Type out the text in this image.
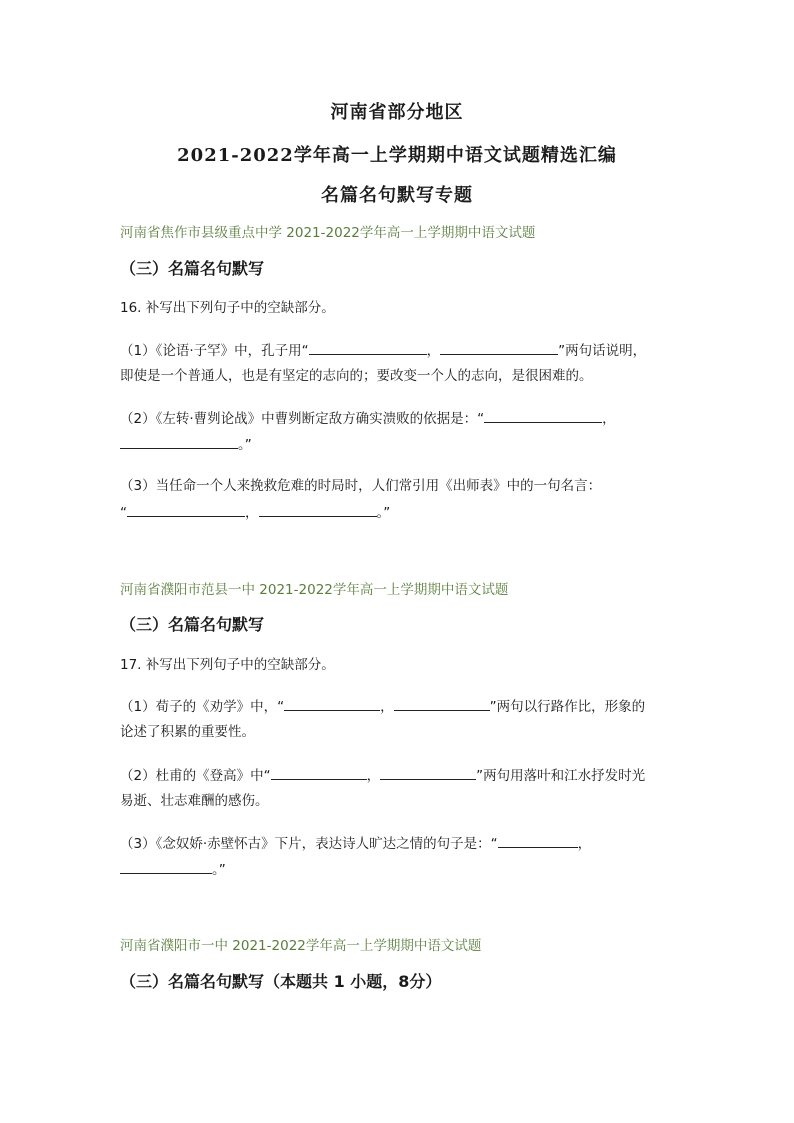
河南省部分地区
2021-2022学年高一上学期期中语文试题精选汇编
名篇名句默写专题
河南省焦作市县级重点中学 2021-2022学年高一上学期期中语文试题
（三）名篇名句默写
16. 补写出下列句子中的空缺部分。
（1）《论语·子罕》中，孔子用“	，	”两句话说明，
即使是一个普通人，也是有坚定的志向的；要改变一个人的志向，是很困难的。
（2）《左转·曹刿论战》中曹刿断定敌方确实溃败的依据是：“	，
。”
（3）当任命一个人来挽救危难的时局时，人们常引用《出师表》中的一句名言：
“	，	。”
河南省濮阳市范县一中 2021-2022学年高一上学期期中语文试题
（三）名篇名句默写
17. 补写出下列句子中的空缺部分。
（1）荀子的《劝学》中，“	，	”两句以行路作比，形象的
论述了积累的重要性。
（2）杜甫的《登高》中“	，	”两句用落叶和江水抒发时光
易逝、壮志难酬的感伤。
（3）《念奴娇·赤壁怀古》下片，表达诗人旷达之情的句子是：“	，
。”
河南省濮阳市一中 2021-2022学年高一上学期期中语文试题
（三）名篇名句默写（本题共 1 小题，8分）
